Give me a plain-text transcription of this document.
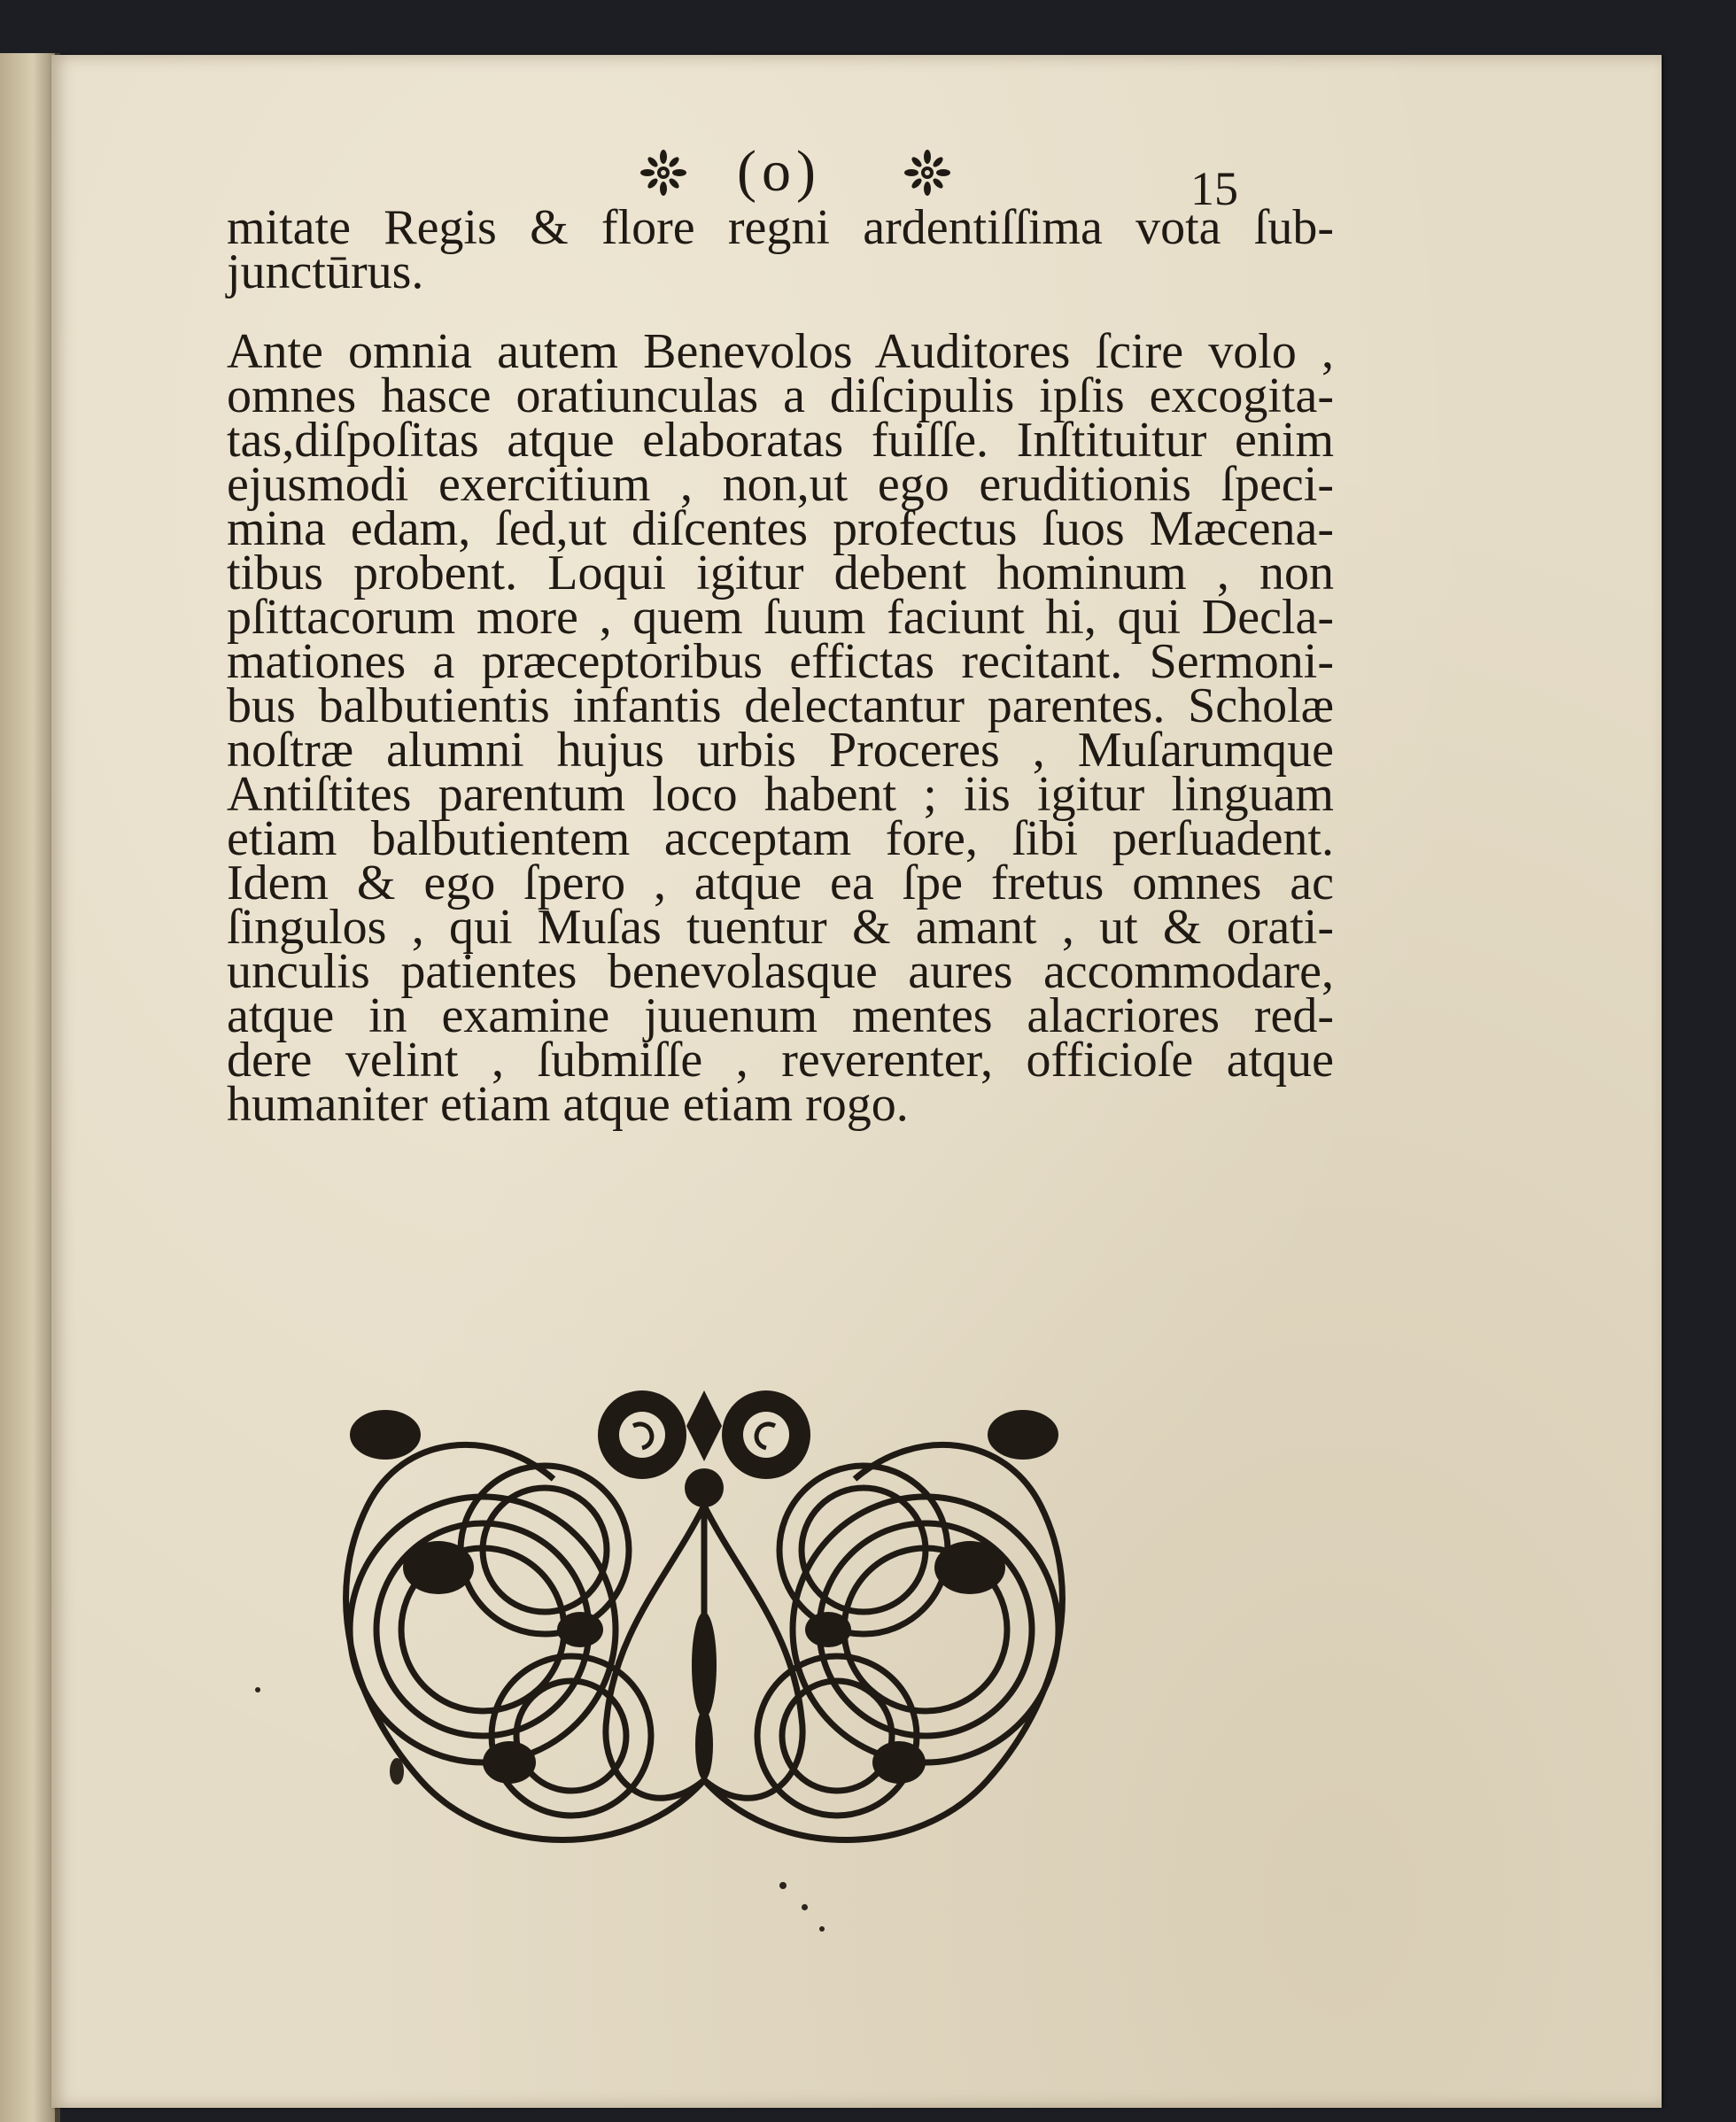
(o)	15
mitate Regis & flore regni ardentiſſima vota ſub-
junctūrus.
Ante omnia autem Benevolos Auditores ſcire volo ,
omnes hasce oratiunculas a diſcipulis ipſis excogita-
tas,diſpoſitas atque elaboratas fuiſſe. Inſtituitur enim
ejusmodi exercitium , non,ut ego eruditionis ſpeci-
mina edam, ſed,ut diſcentes profectus ſuos Mæcena-
tibus probent. Loqui igitur debent hominum , non
pſittacorum more , quem ſuum faciunt hi, qui Decla-
mationes a præceptoribus effictas recitant. Sermoni-
bus balbutientis infantis delectantur parentes. Scholæ
noſtræ alumni hujus urbis Proceres , Muſarumque
Antiſtites parentum loco habent ; iis igitur linguam
etiam balbutientem acceptam fore, ſibi perſuadent.
Idem & ego ſpero , atque ea ſpe fretus omnes ac
ſingulos , qui Muſas tuentur & amant , ut & orati-
unculis patientes benevolasque aures accommodare,
atque in examine juuenum mentes alacriores red-
dere velint , ſubmiſſe , reverenter, officioſe atque
humaniter etiam atque etiam rogo.
